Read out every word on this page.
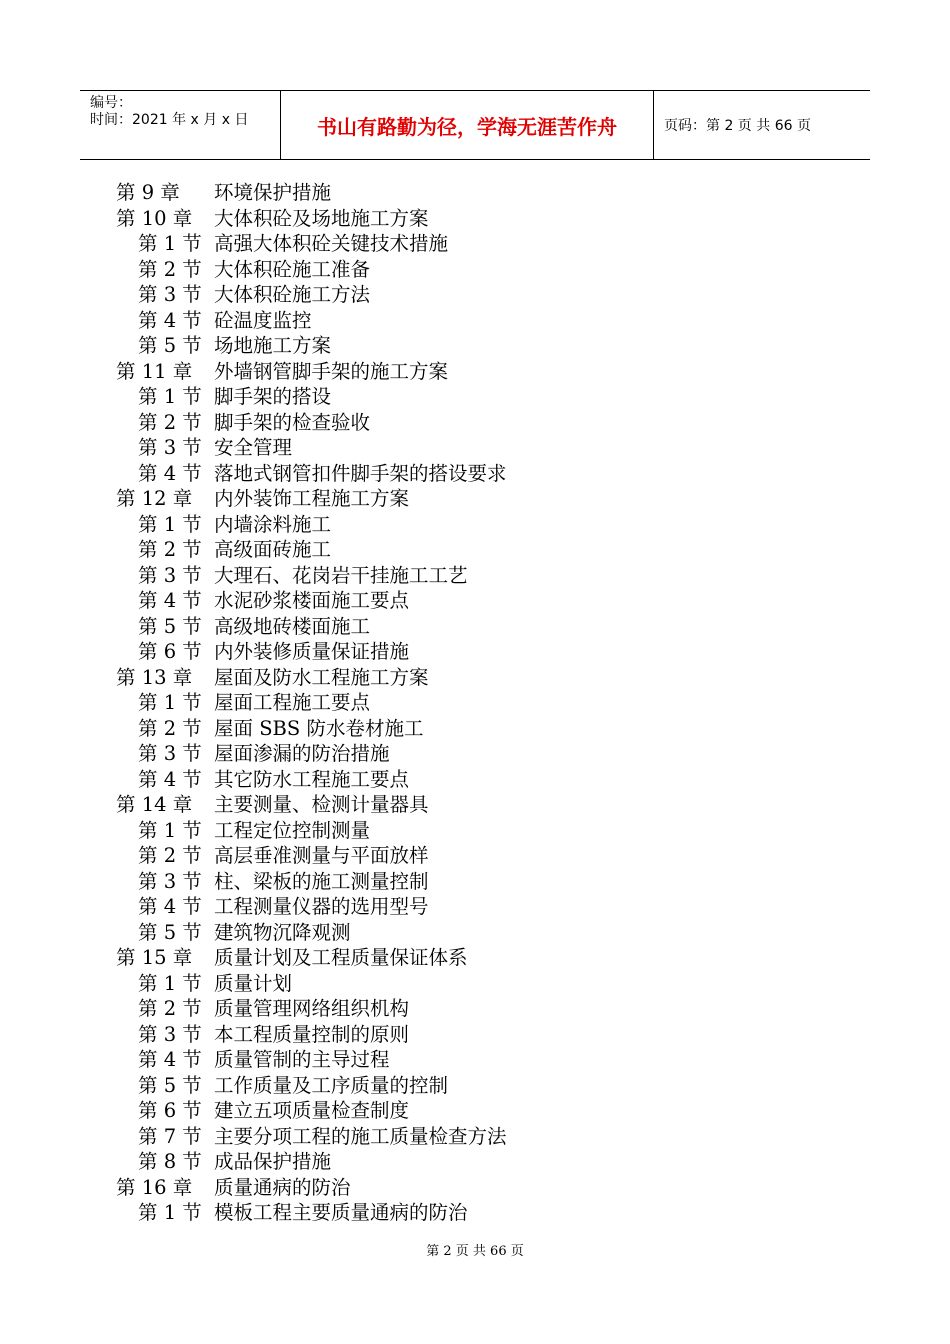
编号：
时间：2021 年 x 月 x 日	书山有路勤为径，学海无涯苦作舟	页码：第 2 页 共 66 页
第 9 章 环境保护措施
第 10 章 大体积砼及场地施工方案
第 1 节 高强大体积砼关键技术措施
第 2 节 大体积砼施工准备
第 3 节 大体积砼施工方法
第 4 节 砼温度监控
第 5 节 场地施工方案
第 11 章 外墙钢管脚手架的施工方案
第 1 节 脚手架的搭设
第 2 节 脚手架的检查验收
第 3 节 安全管理
第 4 节 落地式钢管扣件脚手架的搭设要求
第 12 章 内外装饰工程施工方案
第 1 节 内墙涂料施工
第 2 节 高级面砖施工
第 3 节 大理石、花岗岩干挂施工工艺
第 4 节 水泥砂浆楼面施工要点
第 5 节 高级地砖楼面施工
第 6 节 内外装修质量保证措施
第 13 章 屋面及防水工程施工方案
第 1 节 屋面工程施工要点
第 2 节 屋面 SBS 防水卷材施工
第 3 节 屋面渗漏的防治措施
第 4 节 其它防水工程施工要点
第 14 章 主要测量、检测计量器具
第 1 节 工程定位控制测量
第 2 节 高层垂准测量与平面放样
第 3 节 柱、梁板的施工测量控制
第 4 节 工程测量仪器的选用型号
第 5 节 建筑物沉降观测
第 15 章 质量计划及工程质量保证体系
第 1 节 质量计划
第 2 节 质量管理网络组织机构
第 3 节 本工程质量控制的原则
第 4 节 质量管制的主导过程
第 5 节 工作质量及工序质量的控制
第 6 节 建立五项质量检查制度
第 7 节 主要分项工程的施工质量检查方法
第 8 节 成品保护措施
第 16 章 质量通病的防治
第 1 节 模板工程主要质量通病的防治
第 2 页 共 66 页
